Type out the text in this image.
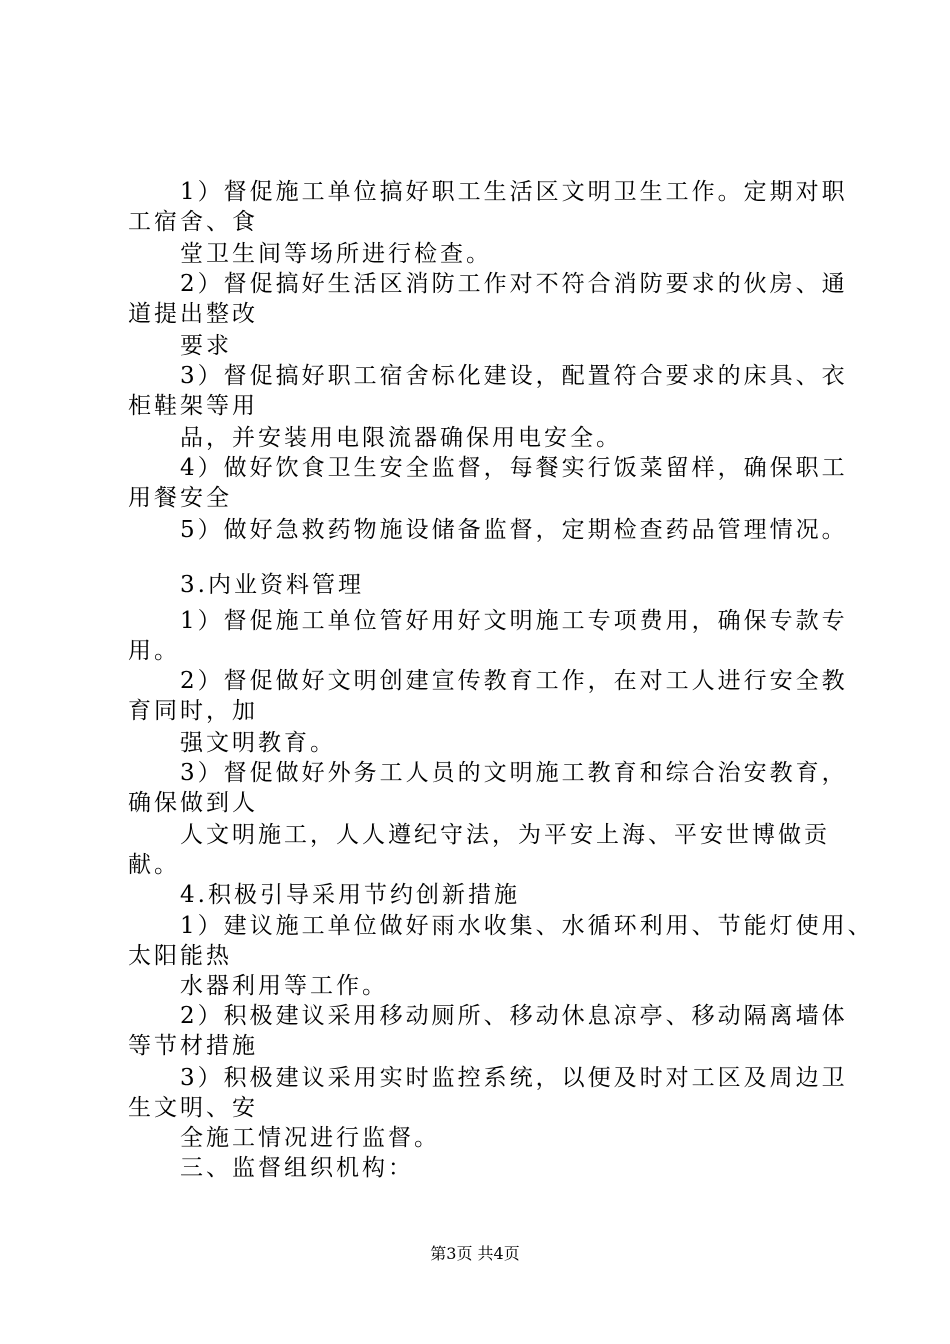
1）督促施工单位搞好职工生活区文明卫生工作。定期对职
工宿舍、食
堂卫生间等场所进行检查。
2）督促搞好生活区消防工作对不符合消防要求的伙房、通
道提出整改
要求
3）督促搞好职工宿舍标化建设，配置符合要求的床具、衣
柜鞋架等用
品，并安装用电限流器确保用电安全。
4）做好饮食卫生安全监督，每餐实行饭菜留样，确保职工
用餐安全
5）做好急救药物施设储备监督，定期检查药品管理情况。
3.内业资料管理
1）督促施工单位管好用好文明施工专项费用，确保专款专
用。
2）督促做好文明创建宣传教育工作，在对工人进行安全教
育同时，加
强文明教育。
3）督促做好外务工人员的文明施工教育和综合治安教育，
确保做到人
人文明施工，人人遵纪守法，为平安上海、平安世博做贡
献。
4.积极引导采用节约创新措施
1）建议施工单位做好雨水收集、水循环利用、节能灯使用、
太阳能热
水器利用等工作。
2）积极建议采用移动厕所、移动休息凉亭、移动隔离墙体
等节材措施
3）积极建议采用实时监控系统，以便及时对工区及周边卫
生文明、安
全施工情况进行监督。
三、监督组织机构：
第3页 共4页
